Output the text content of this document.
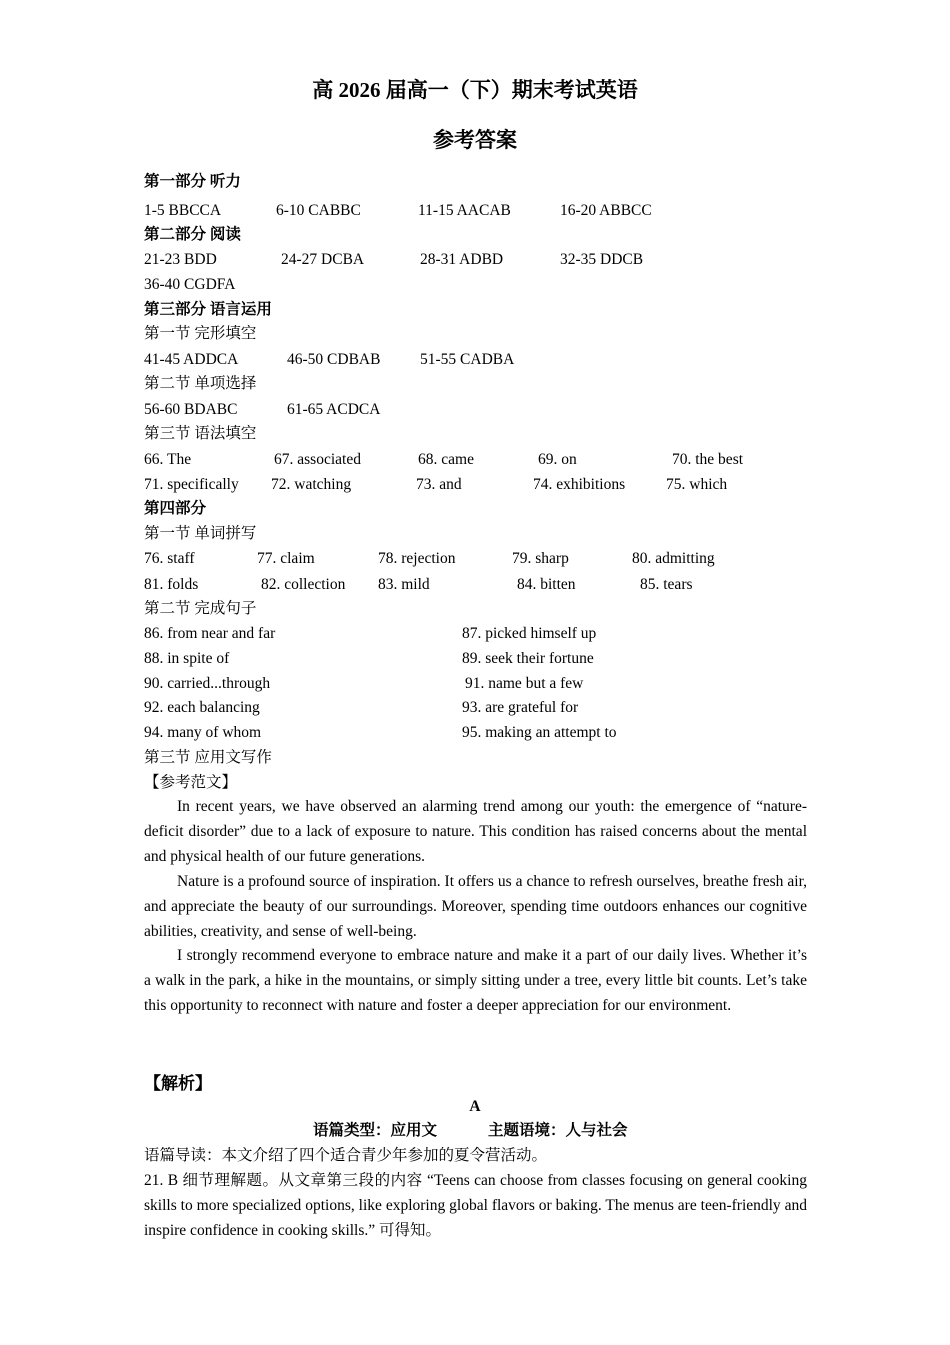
高 2026 届高一（下）期末考试英语
参考答案
第一部分 听力
1-5 BBCCA	6-10 CABBC	11-15 AACAB	16-20 ABBCC
第二部分 阅读
21-23 BDD	24-27 DCBA	28-31 ADBD	32-35 DDCB
36-40 CGDFA
第三部分 语言运用
第一节 完形填空
41-45 ADDCA	46-50 CDBAB	51-55 CADBA
第二节 单项选择
56-60 BDABC	61-65 ACDCA
第三节 语法填空
66. The	67. associated	68. came	69. on	70. the best
71. specifically 72. watching	73. and	74. exhibitions	75. which
第四部分
第一节 单词拼写
76. staff	77. claim	78. rejection	79. sharp	80. admitting
81. folds	82. collection 83. mild	84. bitten	85. tears
第二节 完成句子
86. from near and far	87. picked himself up
88. in spite of	89. seek their fortune
90. carried...through	91. name but a few
92. each balancing	93. are grateful for
94. many of whom	95. making an attempt to
第三节 应用文写作
【参考范文】
In recent years, we have observed an alarming trend among our youth: the emergence of “nature-deficit disorder” due to a lack of exposure to nature. This condition has raised concerns about the mental and physical health of our future generations.
Nature is a profound source of inspiration. It offers us a chance to refresh ourselves, breathe fresh air, and appreciate the beauty of our surroundings. Moreover, spending time outdoors enhances our cognitive abilities, creativity, and sense of well-being.
I strongly recommend everyone to embrace nature and make it a part of our daily lives. Whether it’s a walk in the park, a hike in the mountains, or simply sitting under a tree, every little bit counts. Let’s take this opportunity to reconnect with nature and foster a deeper appreciation for our environment.
【解析】
A
语篇类型：应用文	主题语境：人与社会
语篇导读：本文介绍了四个适合青少年参加的夏令营活动。
21. B 细节理解题。从文章第三段的内容 “Teens can choose from classes focusing on general cooking skills to more specialized options, like exploring global flavors or baking. The menus are teen-friendly and inspire confidence in cooking skills.” 可得知。
